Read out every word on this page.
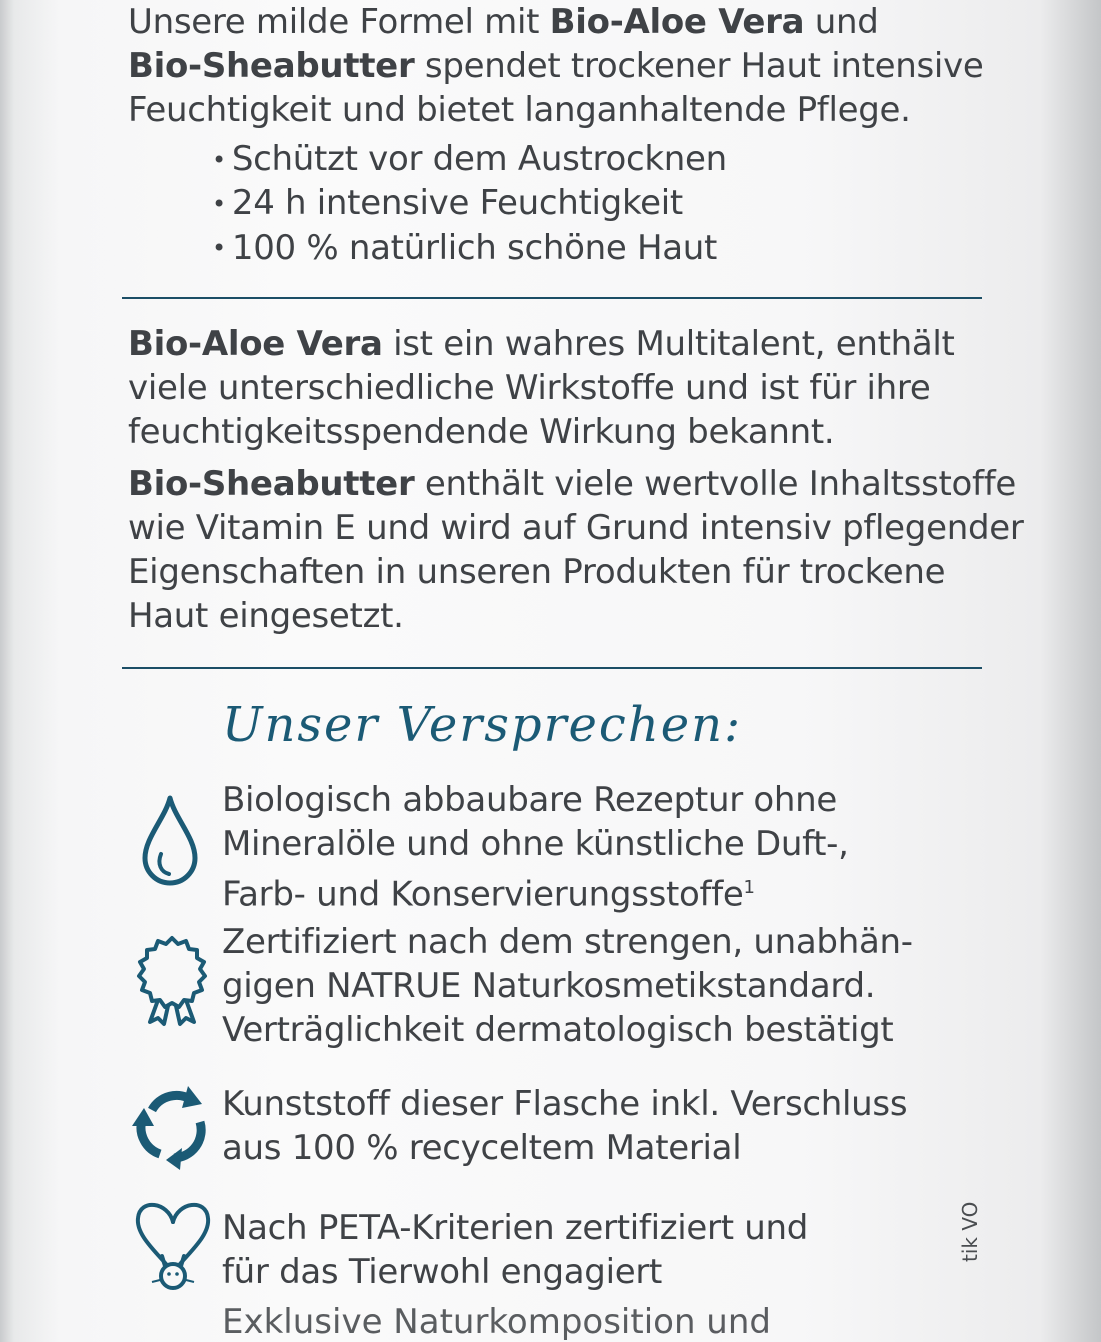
Unsere milde Formel mit Bio-Aloe Vera und
Bio-Sheabutter spendet trockener Haut intensive
Feuchtigkeit und bietet langanhaltende Pflege.
• Schützt vor dem Austrocknen
• 24 h intensive Feuchtigkeit
• 100 % natürlich schöne Haut
Bio-Aloe Vera ist ein wahres Multitalent, enthält
viele unterschiedliche Wirkstoffe und ist für ihre
feuchtigkeitsspendende Wirkung bekannt.
Bio-Sheabutter enthält viele wertvolle Inhaltsstoffe
wie Vitamin E und wird auf Grund intensiv pflegender
Eigenschaften in unseren Produkten für trockene
Haut eingesetzt.
Unser Versprechen:
Biologisch abbaubare Rezeptur ohne
Mineralöle und ohne künstliche Duft-,
Farb- und Konservierungsstoffe$^1$
Zertifiziert nach dem strengen, unabhän-
gigen NATRUE Naturkosmetikstandard.
Verträglichkeit dermatologisch bestätigt
Kunststoff dieser Flasche inkl. Verschluss
aus 100 % recyceltem Material
Nach PETA-Kriterien zertifiziert und
für das Tierwohl engagiert
Exklusive Naturkomposition und
tik VO
